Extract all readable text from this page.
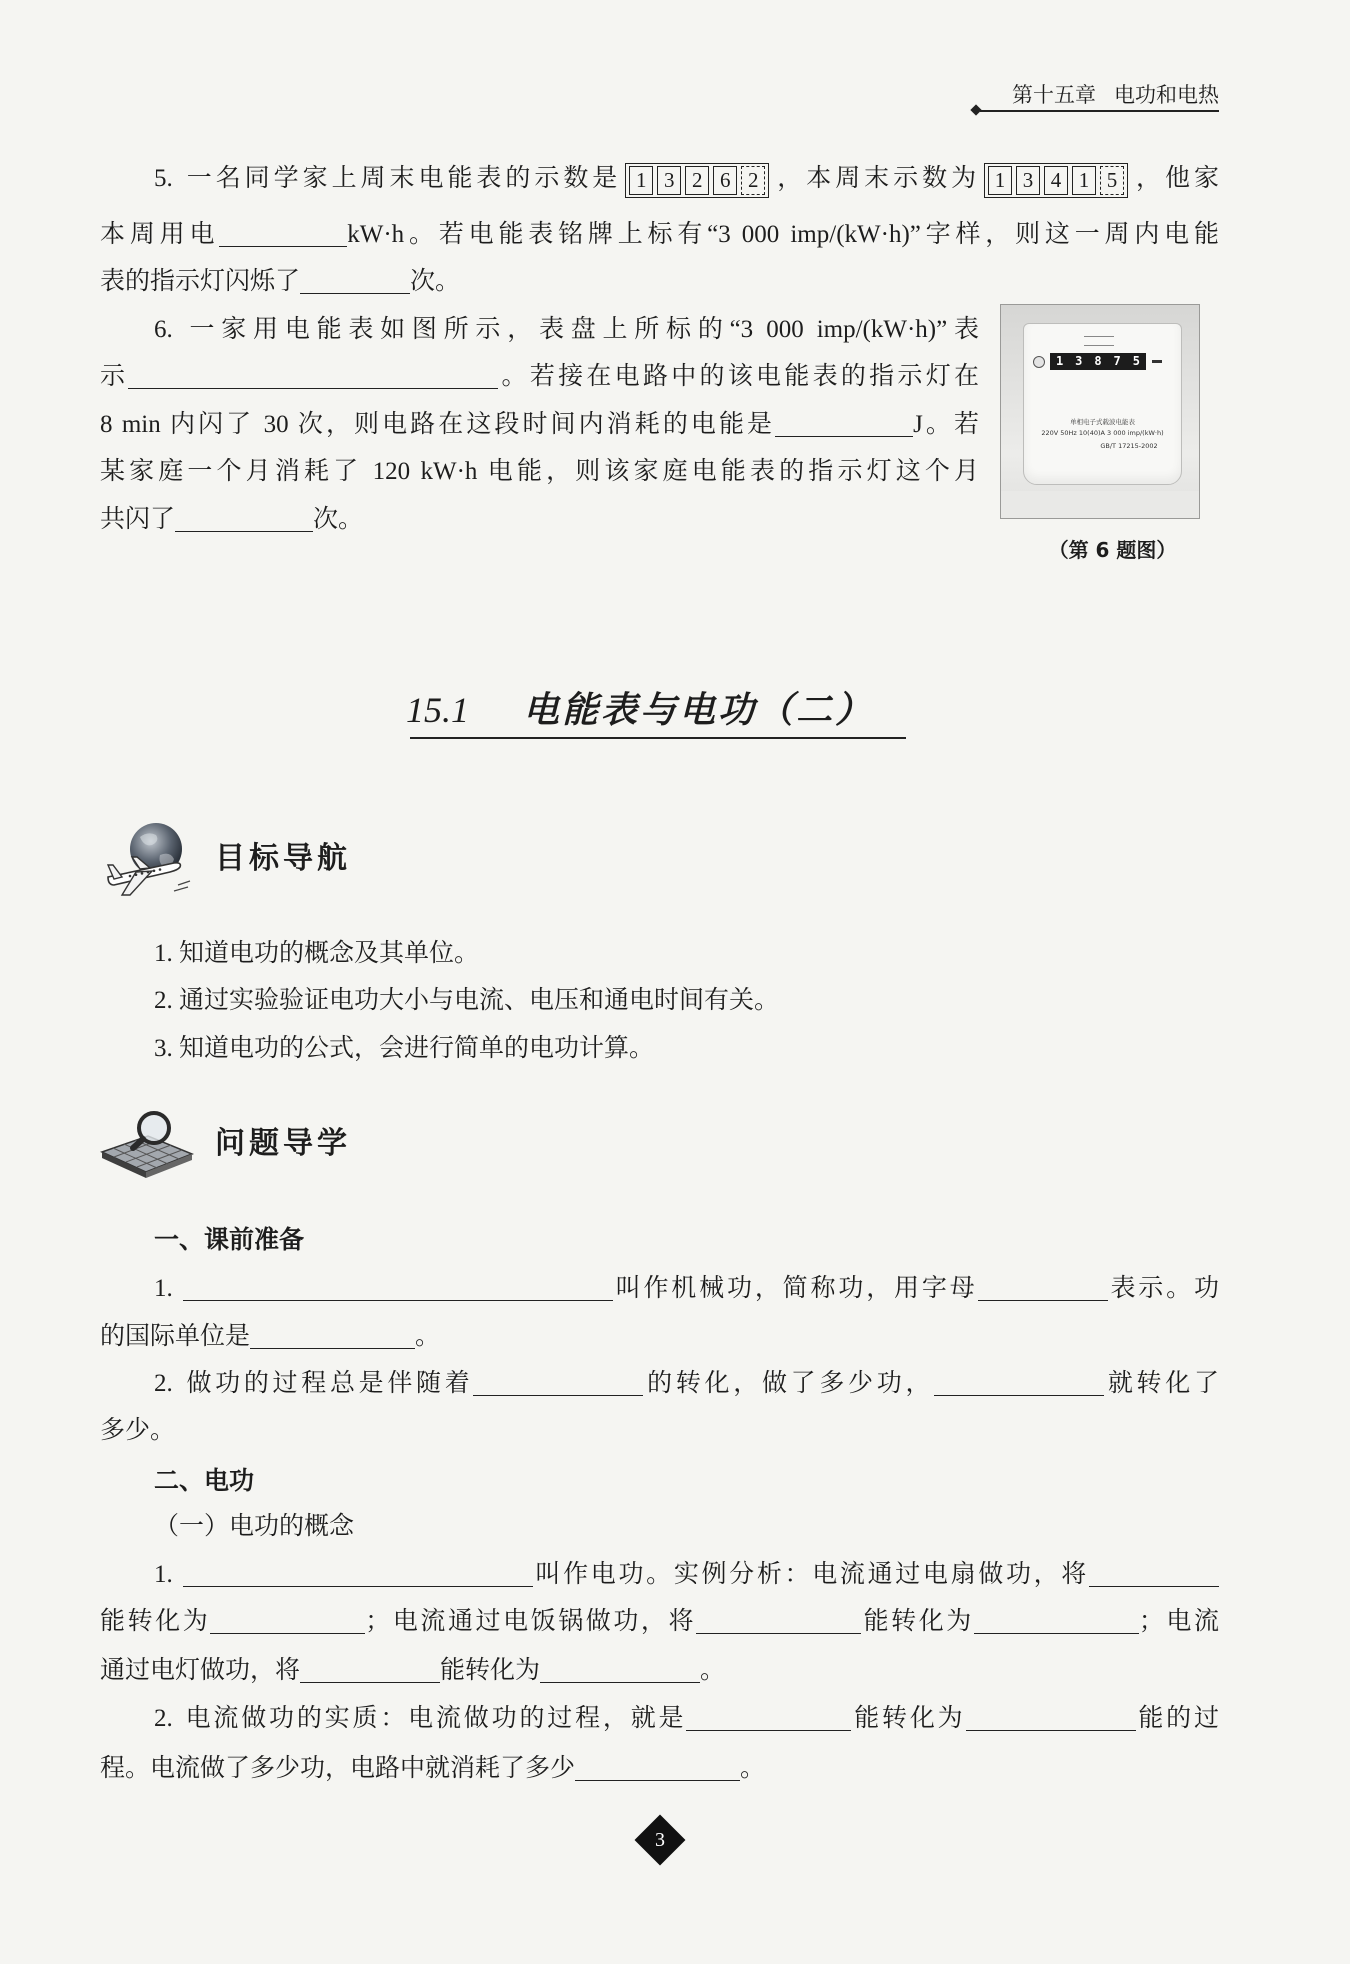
第十五章 电功和电热
5. 一名同学家上周末电能表的示数是 1 3 2 6 2 ，本周末示数为 1 3 4 1 5 ，他家
本周用电	kW·h。若电能表铭牌上标有“3 000 imp/(kW·h)”字样，则这一周内电能
表的指示灯闪烁了	次。
6. 一家用电能表如图所示，表盘上所标的“3 000 imp/(kW·h)”表
示	。若接在电路中的该电能表的指示灯在
8 min 内闪了 30 次，则电路在这段时间内消耗的电能是	J。若
某家庭一个月消耗了 120 kW·h 电能，则该家庭电能表的指示灯这个月
共闪了	次。
1 3 8 7 5
单相电子式载波电能表
220V 50Hz 10(40)A 3 000 imp/(kW·h)
GB/T 17215-2002
（第 6 题图）
15.1 电能表与电功（二）
目标导航
1. 知道电功的概念及其单位。
2. 通过实验验证电功大小与电流、电压和通电时间有关。
3. 知道电功的公式，会进行简单的电功计算。
问题导学
一、课前准备
1.	叫作机械功，简称功，用字母	表示。功
的国际单位是	。
2. 做功的过程总是伴随着	的转化，做了多少功，	就转化了
多少。
二、电功
（一）电功的概念
1.	叫作电功。实例分析：电流通过电扇做功，将
能转化为	；电流通过电饭锅做功，将	能转化为	；电流
通过电灯做功，将	能转化为	。
2. 电流做功的实质：电流做功的过程，就是	能转化为	能的过
程。电流做了多少功，电路中就消耗了多少	。
3
